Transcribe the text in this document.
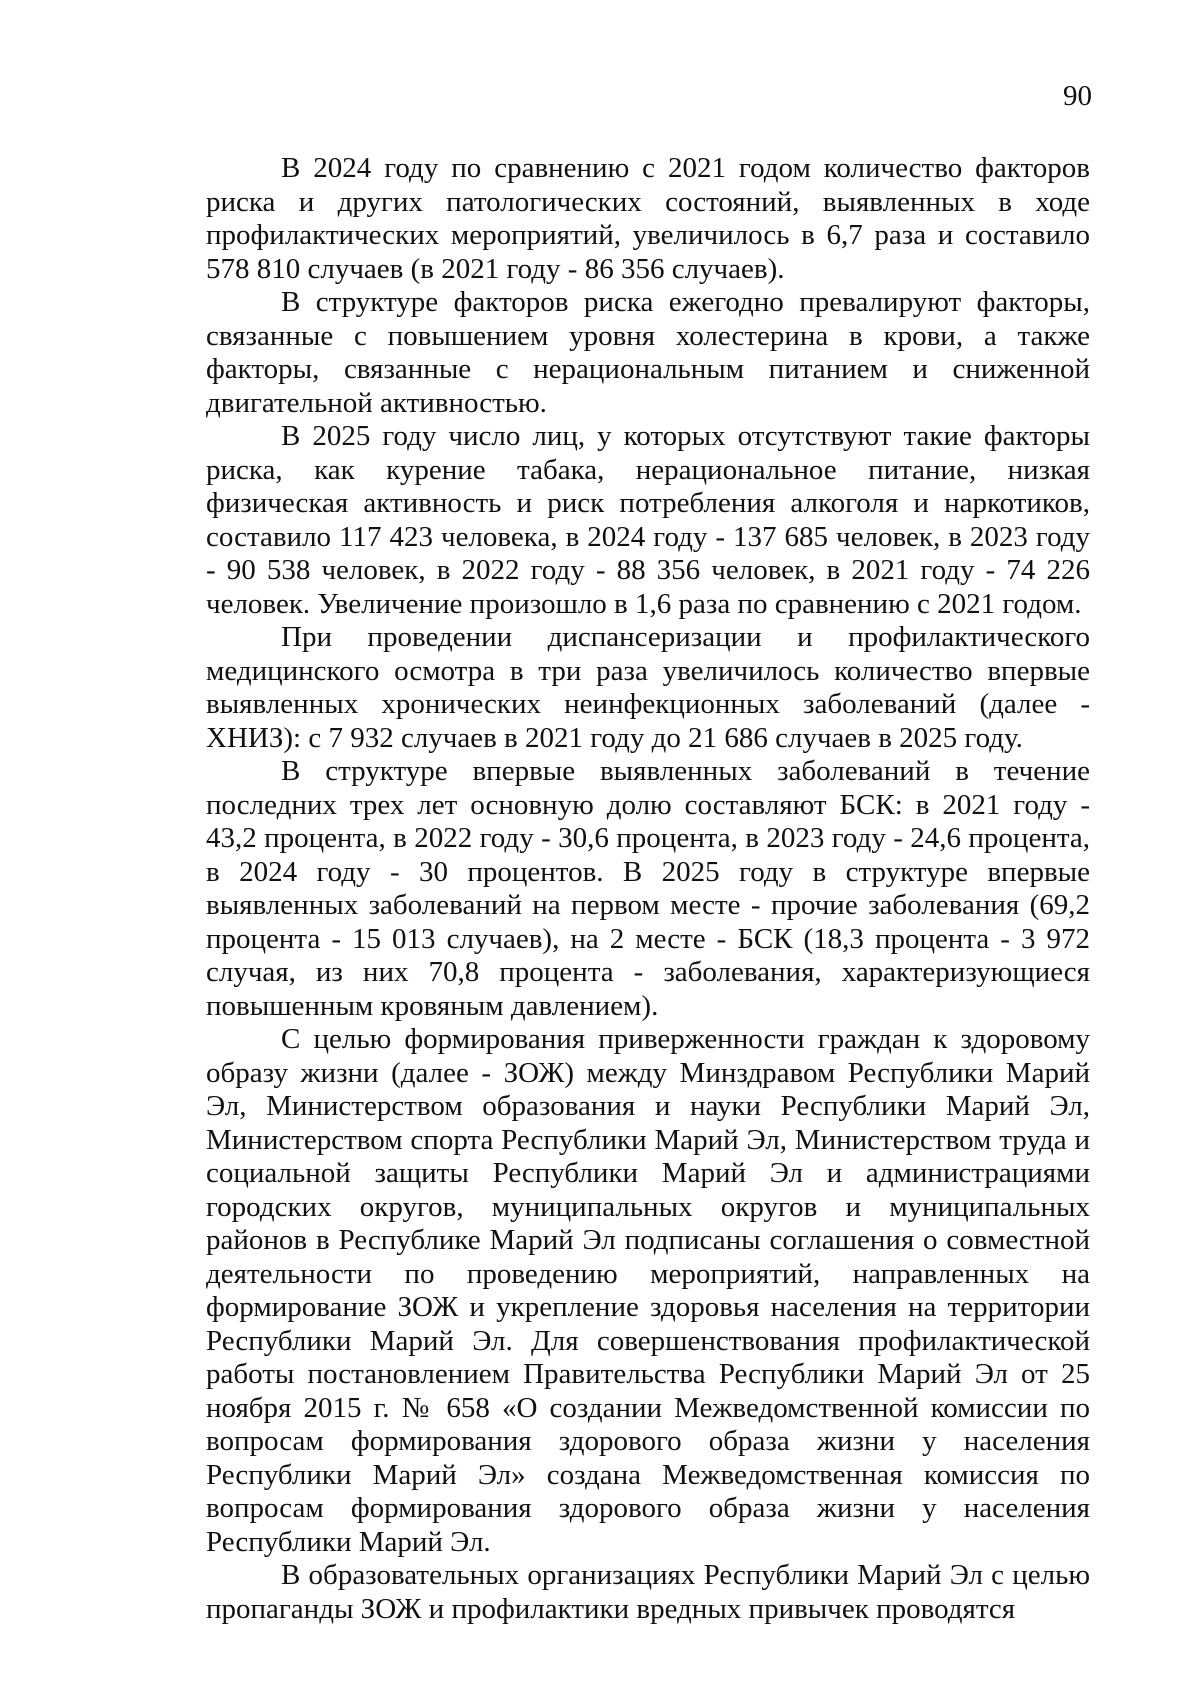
90

В 2024 году по сравнению с 2021 годом количество факторов риска и других патологических состояний, выявленных в ходе профилактических мероприятий, увеличилось в 6,7 раза и составило 578 810 случаев (в 2021 году - 86 356 случаев).

В структуре факторов риска ежегодно превалируют факторы, связанные с повышением уровня холестерина в крови, а также факторы, связанные с нерациональным питанием и сниженной двигательной активностью.

В 2025 году число лиц, у которых отсутствуют такие факторы риска, как курение табака, нерациональное питание, низкая физическая активность и риск потребления алкоголя и наркотиков, составило 117 423 человека, в 2024 году - 137 685 человек, в 2023 году - 90 538 человек, в 2022 году - 88 356 человек, в 2021 году - 74 226 человек. Увеличение произошло в 1,6 раза по сравнению с 2021 годом.

При проведении диспансеризации и профилактического медицинского осмотра в три раза увеличилось количество впервые выявленных хронических неинфекционных заболеваний (далее - ХНИЗ): с 7 932 случаев в 2021 году до 21 686 случаев в 2025 году.

В структуре впервые выявленных заболеваний в течение последних трех лет основную долю составляют БСК: в 2021 году - 43,2 процента, в 2022 году - 30,6 процента, в 2023 году - 24,6 процента, в 2024 году - 30 процентов. В 2025 году в структуре впервые выявленных заболеваний на первом месте - прочие заболевания (69,2 процента - 15 013 случаев), на 2 месте - БСК (18,3 процента - 3 972 случая, из них 70,8 процента - заболевания, характеризующиеся повышенным кровяным давлением).

С целью формирования приверженности граждан к здоровому образу жизни (далее - ЗОЖ) между Минздравом Республики Марий Эл, Министерством образования и науки Республики Марий Эл, Министерством спорта Республики Марий Эл, Министерством труда и социальной защиты Республики Марий Эл и администрациями городских округов, муниципальных округов и муниципальных районов в Республике Марий Эл подписаны соглашения о совместной деятельности по проведению мероприятий, направленных на формирование ЗОЖ и укрепление здоровья населения на территории Республики Марий Эл. Для совершенствования профилактической работы постановлением Правительства Республики Марий Эл от 25 ноября 2015 г. № 658 «О создании Межведомственной комиссии по вопросам формирования здорового образа жизни у населения Республики Марий Эл» создана Межведомственная комиссия по вопросам формирования здорового образа жизни у населения Республики Марий Эл.

В образовательных организациях Республики Марий Эл с целью пропаганды ЗОЖ и профилактики вредных привычек проводятся
